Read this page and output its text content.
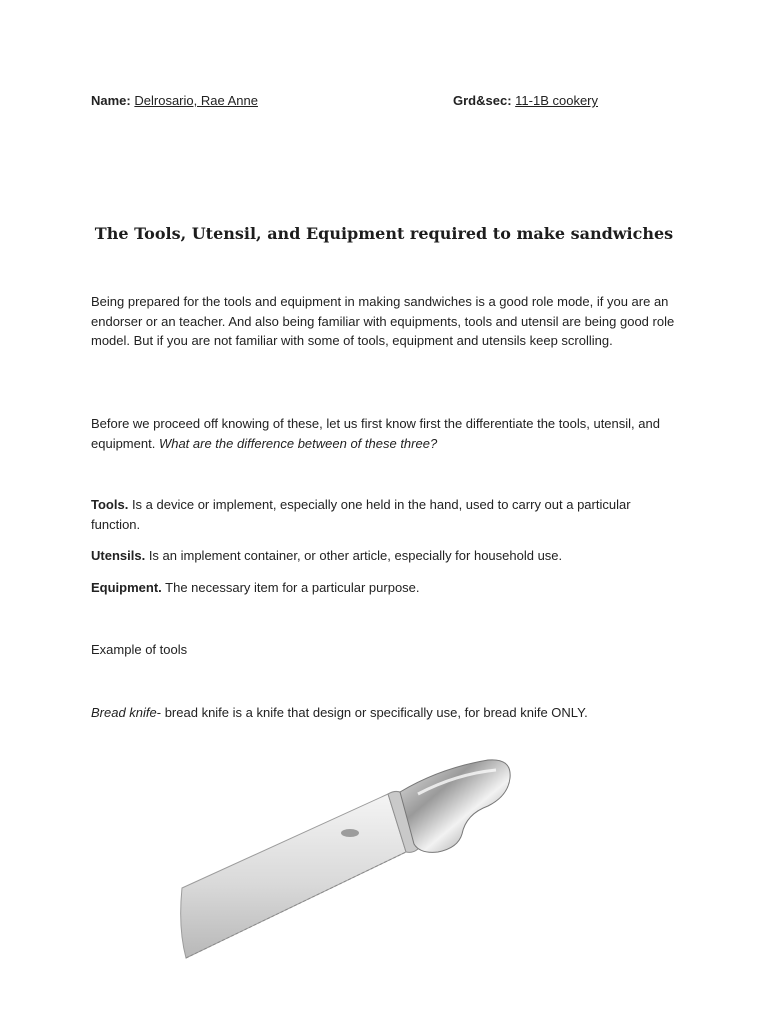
Name: Delrosario, Rae Anne	Grd&sec: 11-1B cookery
The Tools, Utensil, and Equipment required to make sandwiches

Being prepared for the tools and equipment in making sandwiches is a good role mode, if you are an endorser or an teacher. And also being familiar with equipments, tools and utensil are being good role model. But if you are not familiar with some of tools, equipment and utensils keep scrolling.

Before we proceed off knowing of these, let us first know first the differentiate the tools, utensil, and equipment. What are the difference between of these three?

Tools. Is a device or implement, especially one held in the hand, used to carry out a particular function.

Utensils. Is an implement container, or other article, especially for household use.

Equipment. The necessary item for a particular purpose.

Example of tools

Bread knife- bread knife is a knife that design or specifically use, for bread knife ONLY.
